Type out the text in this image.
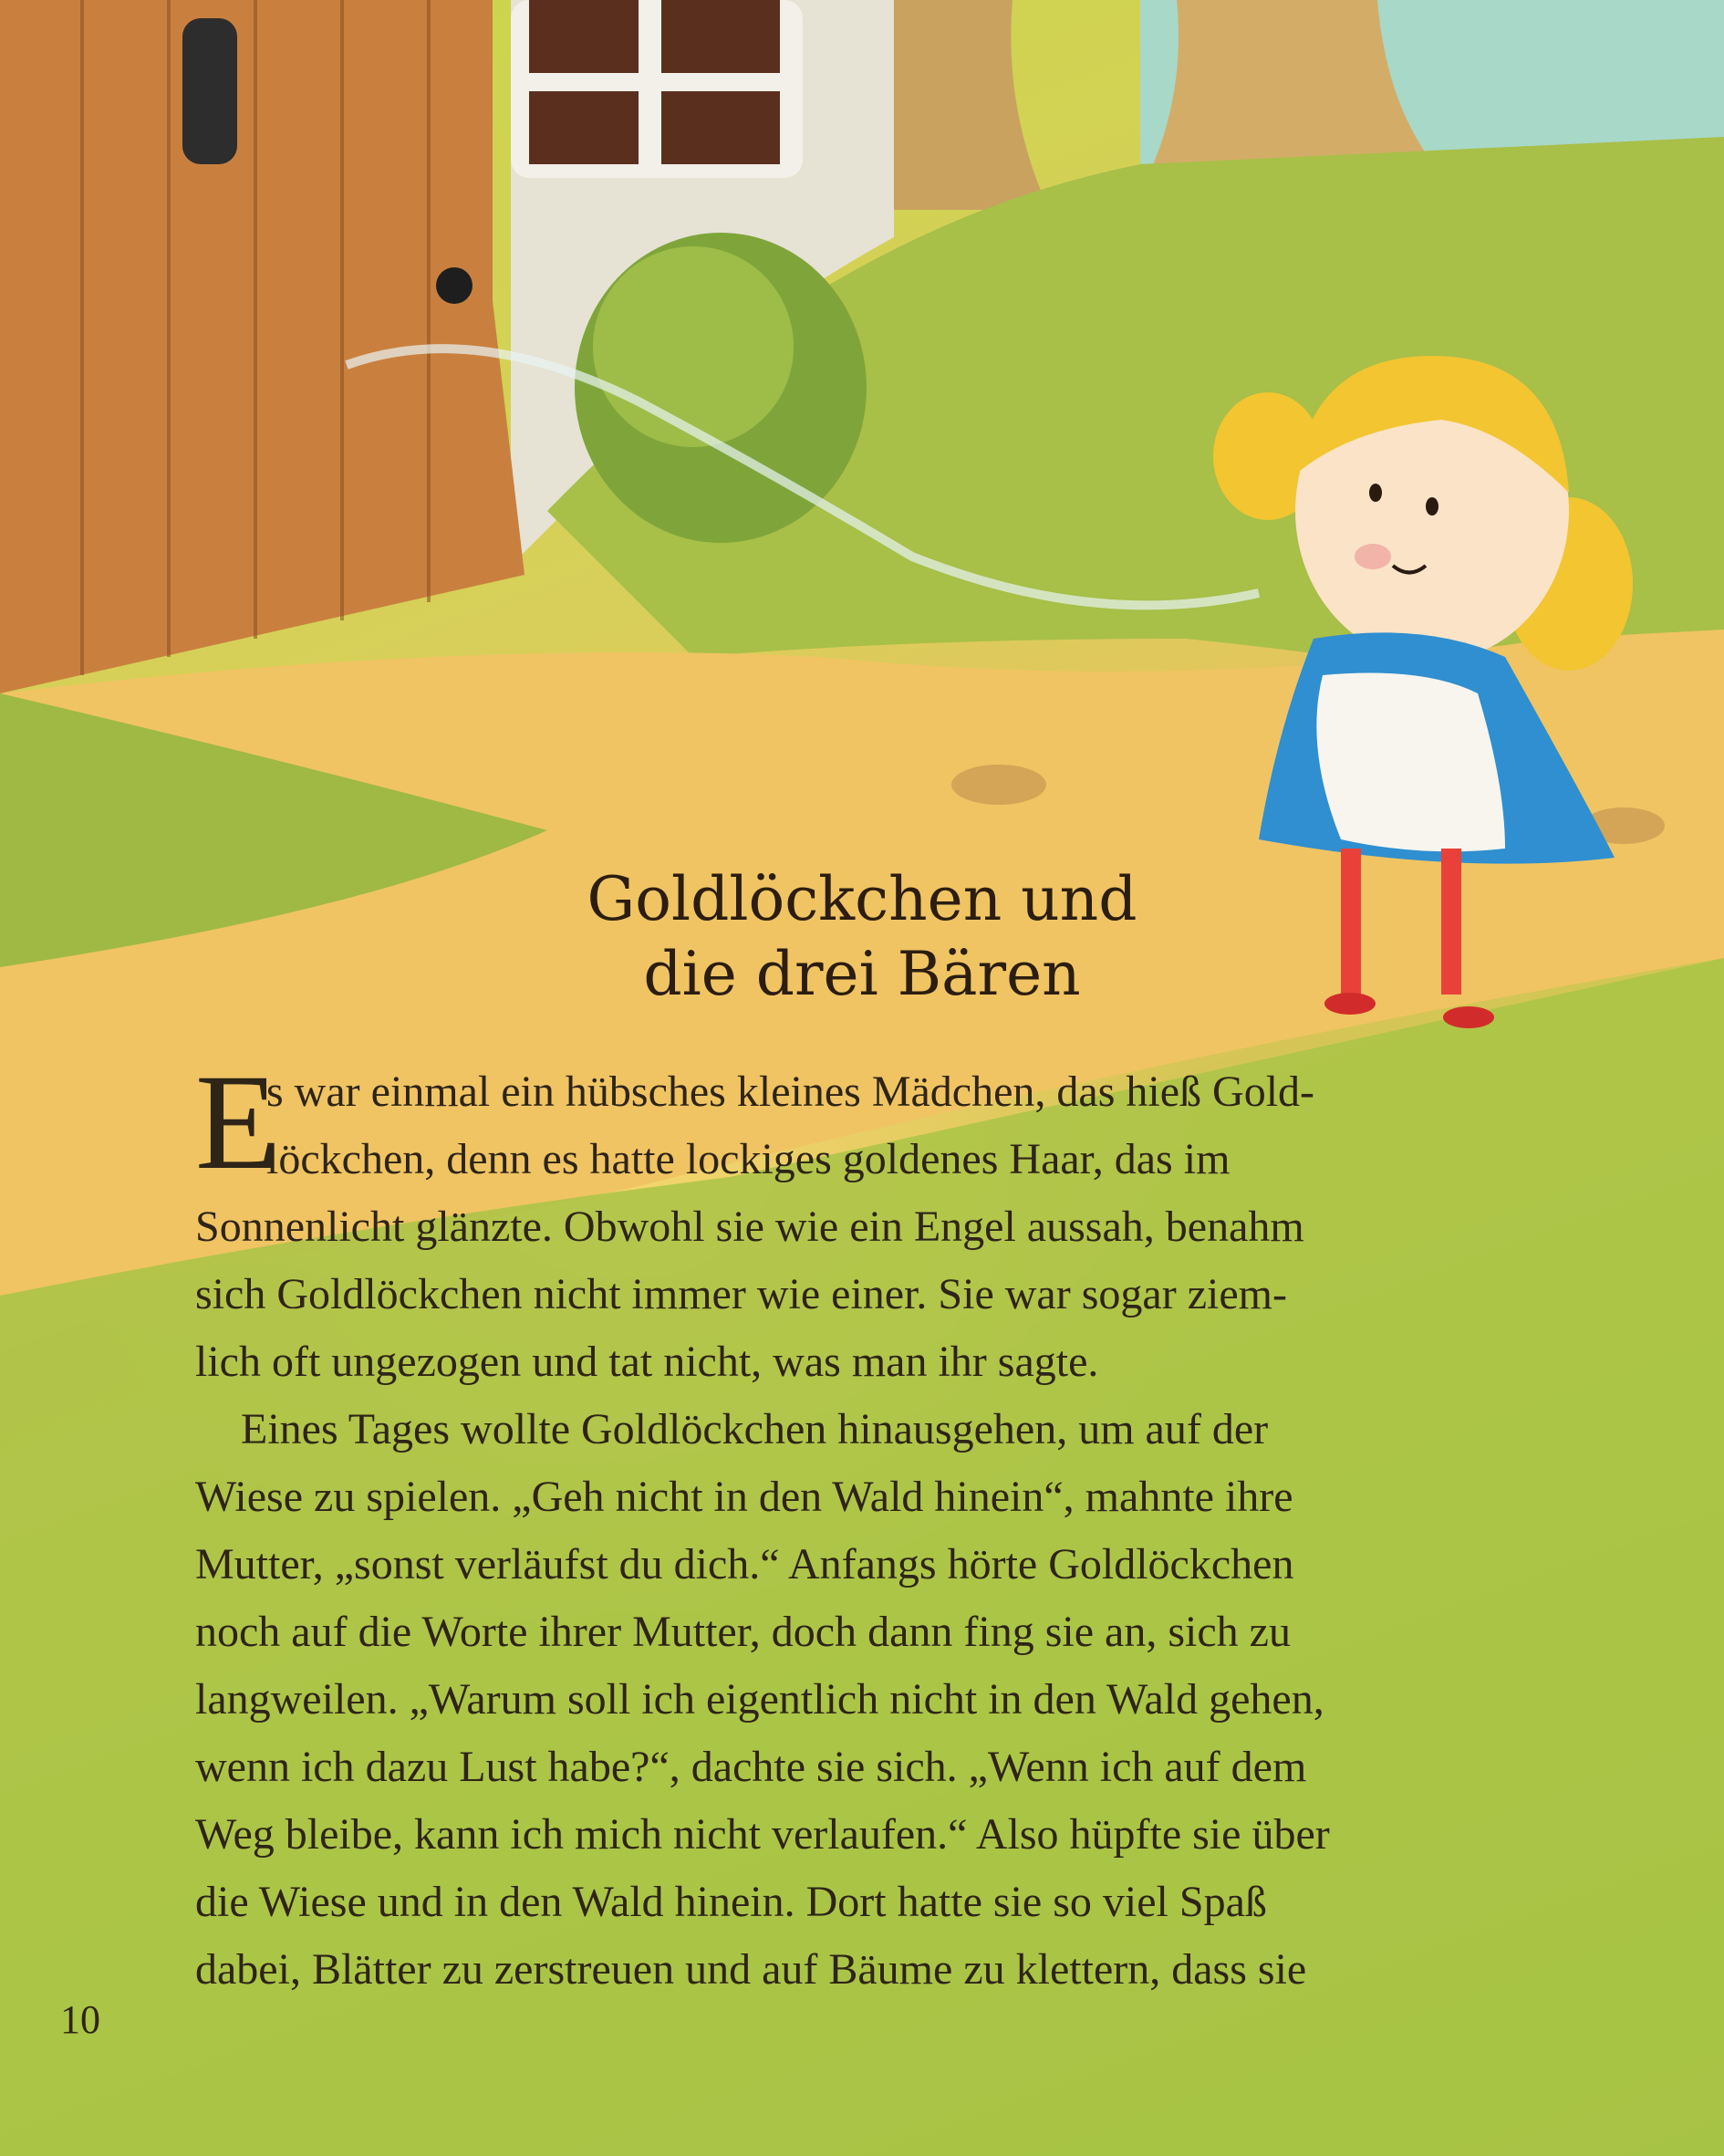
Goldlöckchen und
die drei Bären
E
s war einmal ein hübsches kleines Mädchen, das hieß Gold-
löckchen, denn es hatte lockiges goldenes Haar, das im
Sonnenlicht glänzte. Obwohl sie wie ein Engel aussah, benahm
sich Goldlöckchen nicht immer wie einer. Sie war sogar ziem-
lich oft ungezogen und tat nicht, was man ihr sagte.
Eines Tages wollte Goldlöckchen hinausgehen, um auf der
Wiese zu spielen. „Geh nicht in den Wald hinein“, mahnte ihre
Mutter, „sonst verläufst du dich.“ Anfangs hörte Goldlöckchen
noch auf die Worte ihrer Mutter, doch dann fing sie an, sich zu
langweilen. „Warum soll ich eigentlich nicht in den Wald gehen,
wenn ich dazu Lust habe?“, dachte sie sich. „Wenn ich auf dem
Weg bleibe, kann ich mich nicht verlaufen.“ Also hüpfte sie über
die Wiese und in den Wald hinein. Dort hatte sie so viel Spaß
dabei, Blätter zu zerstreuen und auf Bäume zu klettern, dass sie
10
